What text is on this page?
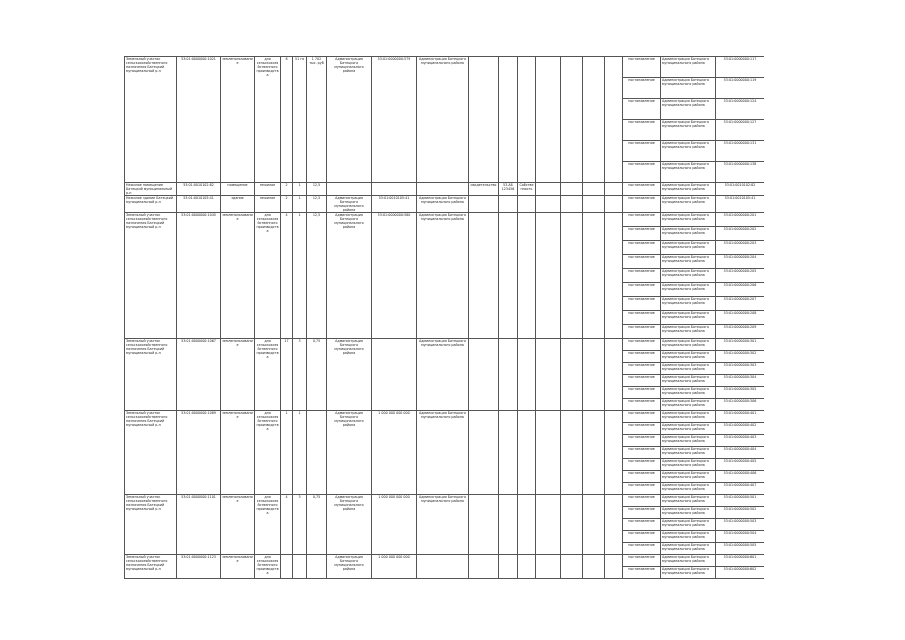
Земельный участок сельскохозяйственного назначения Батецкий муниципальный р-н	53:01:0000000:1021	землепользование	для сельскохозяйственного производства	8	51 га	1 702 тыс. руб	Администрация Батецкого муниципального района	53:01:0000000:579	Администрация Батецкого муниципального района								постановление	Администрация Батецкого муниципального района	53:01:0000000:117
																	постановление	Администрация Батецкого муниципального района	53:01:0000000:119
																	постановление	Администрация Батецкого муниципального района	53:01:0000000:124
																	постановление	Администрация Батецкого муниципального района	53:01:0000000:127
																	постановление	Администрация Батецкого муниципального района	53:01:0000000:131
																	постановление	Администрация Батецкого муниципального района	53:01:0000000:138
Нежилое помещение Батецкий муниципальный р-н	53:01:0010102:82	помещение	нежилое	2	1	12,5				свидетельство	53-АБ 123456	Собственность					постановление	Администрация Батецкого муниципального района	53:01:0010102:82
Нежилое здание Батецкий муниципальный р-н	53:01:0010105:41	здание	нежилое	2	1	12,5	Администрация Батецкого муниципального района	53:01:0010105:41	Администрация Батецкого муниципального района								постановление	Администрация Батецкого муниципального района	53:01:0010105:41
Земельный участок сельскохозяйственного назначения Батецкий муниципальный р-н	53:01:0000000:1045	землепользование	для сельскохозяйственного производства	4	1	12,5	Администрация Батецкого муниципального района	53:01:0000000:580	Администрация Батецкого муниципального района								постановление	Администрация Батецкого муниципального района	53:01:0000000:201
																	постановление	Администрация Батецкого муниципального района	53:01:0000000:202
																	постановление	Администрация Батецкого муниципального района	53:01:0000000:203
																	постановление	Администрация Батецкого муниципального района	53:01:0000000:204
																	постановление	Администрация Батецкого муниципального района	53:01:0000000:205
																	постановление	Администрация Батецкого муниципального района	53:01:0000000:206
																	постановление	Администрация Батецкого муниципального района	53:01:0000000:207
																	постановление	Администрация Батецкого муниципального района	53:01:0000000:208
																	постановление	Администрация Батецкого муниципального района	53:01:0000000:209
Земельный участок сельскохозяйственного назначения Батецкий муниципальный р-н	53:01:0000000:1067	землепользование	для сельскохозяйственного производства	17	3	0,75	Администрация Батецкого муниципального района		Администрация Батецкого муниципального района								постановление	Администрация Батецкого муниципального района	53:01:0000000:301
																	постановление	Администрация Батецкого муниципального района	53:01:0000000:302
																	постановление	Администрация Батецкого муниципального района	53:01:0000000:303
																	постановление	Администрация Батецкого муниципального района	53:01:0000000:304
																	постановление	Администрация Батецкого муниципального района	53:01:0000000:305
																	постановление	Администрация Батецкого муниципального района	53:01:0000000:306
Земельный участок сельскохозяйственного назначения Батецкий муниципальный р-н	53:01:0000000:1089	землепользование	для сельскохозяйственного производства	1	1		Администрация Батецкого муниципального района	1 000 000 000 000	Администрация Батецкого муниципального района								постановление	Администрация Батецкого муниципального района	53:01:0000000:401
																	постановление	Администрация Батецкого муниципального района	53:01:0000000:402
																	постановление	Администрация Батецкого муниципального района	53:01:0000000:403
																	постановление	Администрация Батецкого муниципального района	53:01:0000000:404
																	постановление	Администрация Батецкого муниципального района	53:01:0000000:405
																	постановление	Администрация Батецкого муниципального района	53:01:0000000:406
																	постановление	Администрация Батецкого муниципального района	53:01:0000000:407
Земельный участок сельскохозяйственного назначения Батецкий муниципальный р-н	53:01:0000000:1101	землепользование	для сельскохозяйственного производства	4	3	0,75	Администрация Батецкого муниципального района	1 000 000 000 000	Администрация Батецкого муниципального района								постановление	Администрация Батецкого муниципального района	53:01:0000000:501
																	постановление	Администрация Батецкого муниципального района	53:01:0000000:502
																	постановление	Администрация Батецкого муниципального района	53:01:0000000:503
																	постановление	Администрация Батецкого муниципального района	53:01:0000000:504
																	постановление	Администрация Батецкого муниципального района	53:01:0000000:505
Земельный участок сельскохозяйственного назначения Батецкий муниципальный р-н	53:01:0000000:1123	землепользование	для сельскохозяйственного производства				Администрация Батецкого муниципального района	1 000 000 000 000									постановление	Администрация Батецкого муниципального района	53:01:0000000:601
																	постановление	Администрация Батецкого муниципального района	53:01:0000000:602
